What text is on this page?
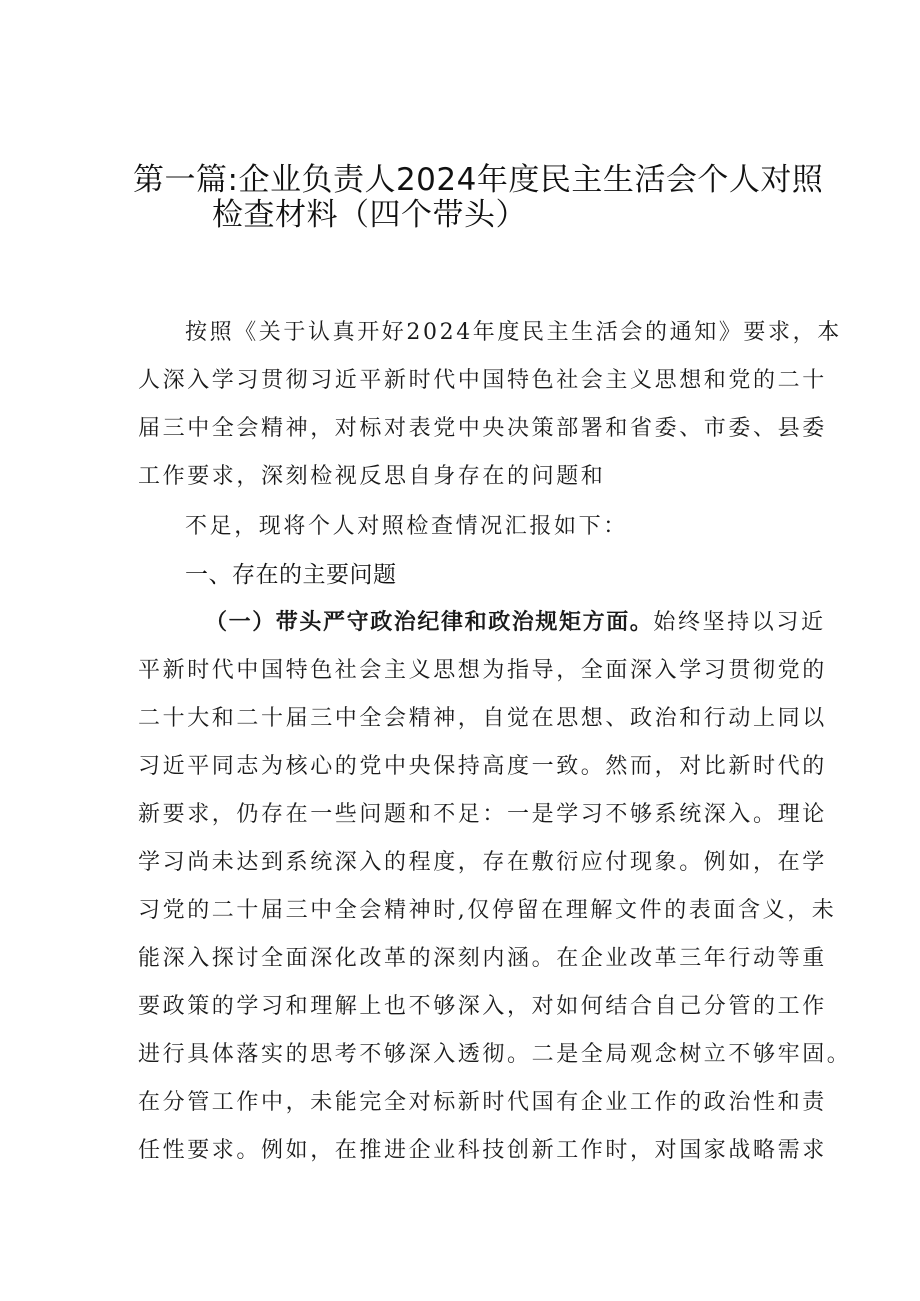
第一篇:企业负责人2024年度民主生活会个人对照
检查材料（四个带头）
按照《关于认真开好2024年度民主生活会的通知》要求，本
人深入学习贯彻习近平新时代中国特色社会主义思想和党的二十
届三中全会精神，对标对表党中央决策部署和省委、市委、县委
工作要求，深刻检视反思自身存在的问题和
不足，现将个人对照检查情况汇报如下：
一、存在的主要问题
（一）带头严守政治纪律和政治规矩方面。始终坚持以习近
平新时代中国特色社会主义思想为指导，全面深入学习贯彻党的
二十大和二十届三中全会精神，自觉在思想、政治和行动上同以
习近平同志为核心的党中央保持高度一致。然而，对比新时代的
新要求，仍存在一些问题和不足：一是学习不够系统深入。理论
学习尚未达到系统深入的程度，存在敷衍应付现象。例如，在学
习党的二十届三中全会精神时,仅停留在理解文件的表面含义，未
能深入探讨全面深化改革的深刻内涵。在企业改革三年行动等重
要政策的学习和理解上也不够深入，对如何结合自己分管的工作
进行具体落实的思考不够深入透彻。二是全局观念树立不够牢固。
在分管工作中，未能完全对标新时代国有企业工作的政治性和责
任性要求。例如，在推进企业科技创新工作时，对国家战略需求
